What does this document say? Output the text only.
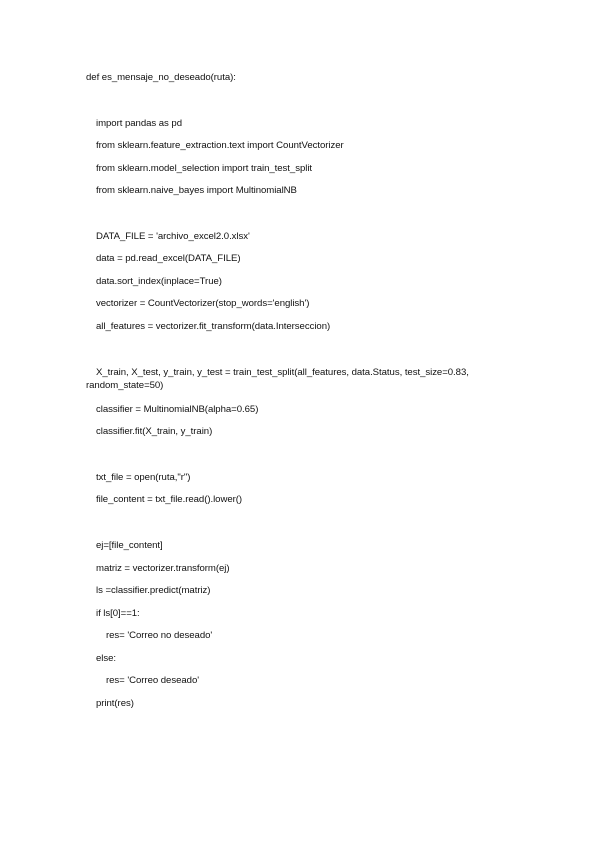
def es_mensaje_no_deseado(ruta):
import pandas as pd
from sklearn.feature_extraction.text import CountVectorizer
from sklearn.model_selection import train_test_split
from sklearn.naive_bayes import MultinomialNB
DATA_FILE = 'archivo_excel2.0.xlsx'
data = pd.read_excel(DATA_FILE)
data.sort_index(inplace=True)
vectorizer = CountVectorizer(stop_words='english')
all_features = vectorizer.fit_transform(data.Interseccion)
X_train, X_test, y_train, y_test = train_test_split(all_features, data.Status, test_size=0.83,
random_state=50)
classifier = MultinomialNB(alpha=0.65)
classifier.fit(X_train, y_train)
txt_file = open(ruta,"r")
file_content = txt_file.read().lower()
ej=[file_content]
matriz = vectorizer.transform(ej)
ls =classifier.predict(matriz)
if ls[0]==1:
res= 'Correo no deseado'
else:
res= 'Correo deseado'
print(res)
